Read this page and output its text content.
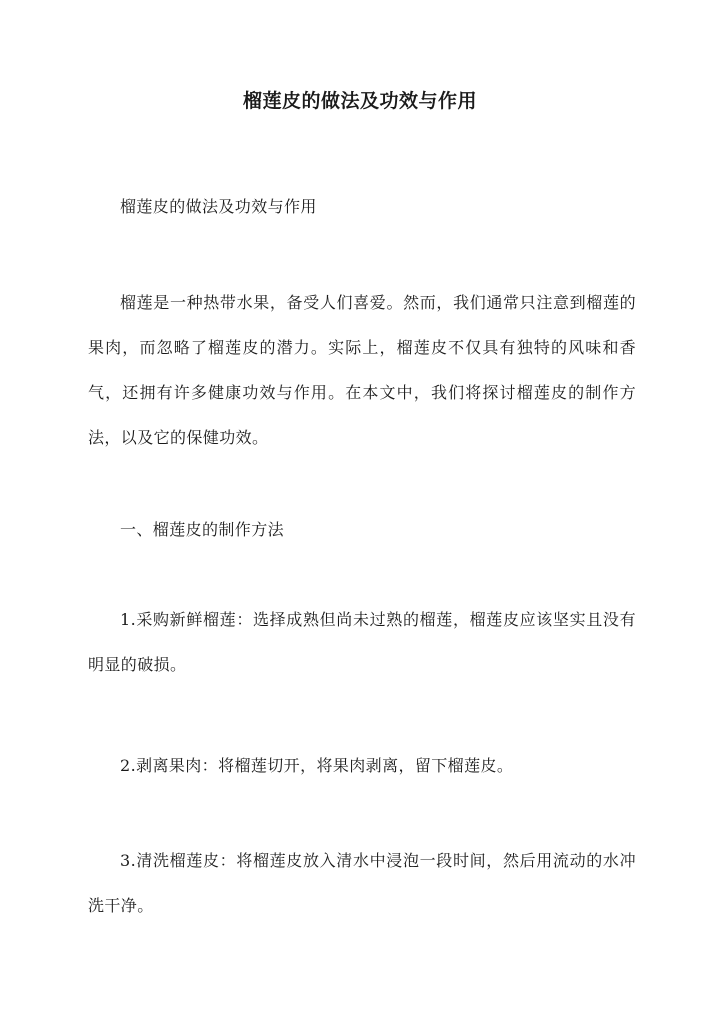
榴莲皮的做法及功效与作用
榴莲皮的做法及功效与作用
榴莲是一种热带水果，备受人们喜爱。然而，我们通常只注意到榴莲的果肉，而忽略了榴莲皮的潜力。实际上，榴莲皮不仅具有独特的风味和香气，还拥有许多健康功效与作用。在本文中，我们将探讨榴莲皮的制作方法，以及它的保健功效。
一、榴莲皮的制作方法
1.采购新鲜榴莲：选择成熟但尚未过熟的榴莲，榴莲皮应该坚实且没有明显的破损。
2.剥离果肉：将榴莲切开，将果肉剥离，留下榴莲皮。
3.清洗榴莲皮：将榴莲皮放入清水中浸泡一段时间，然后用流动的水冲洗干净。
